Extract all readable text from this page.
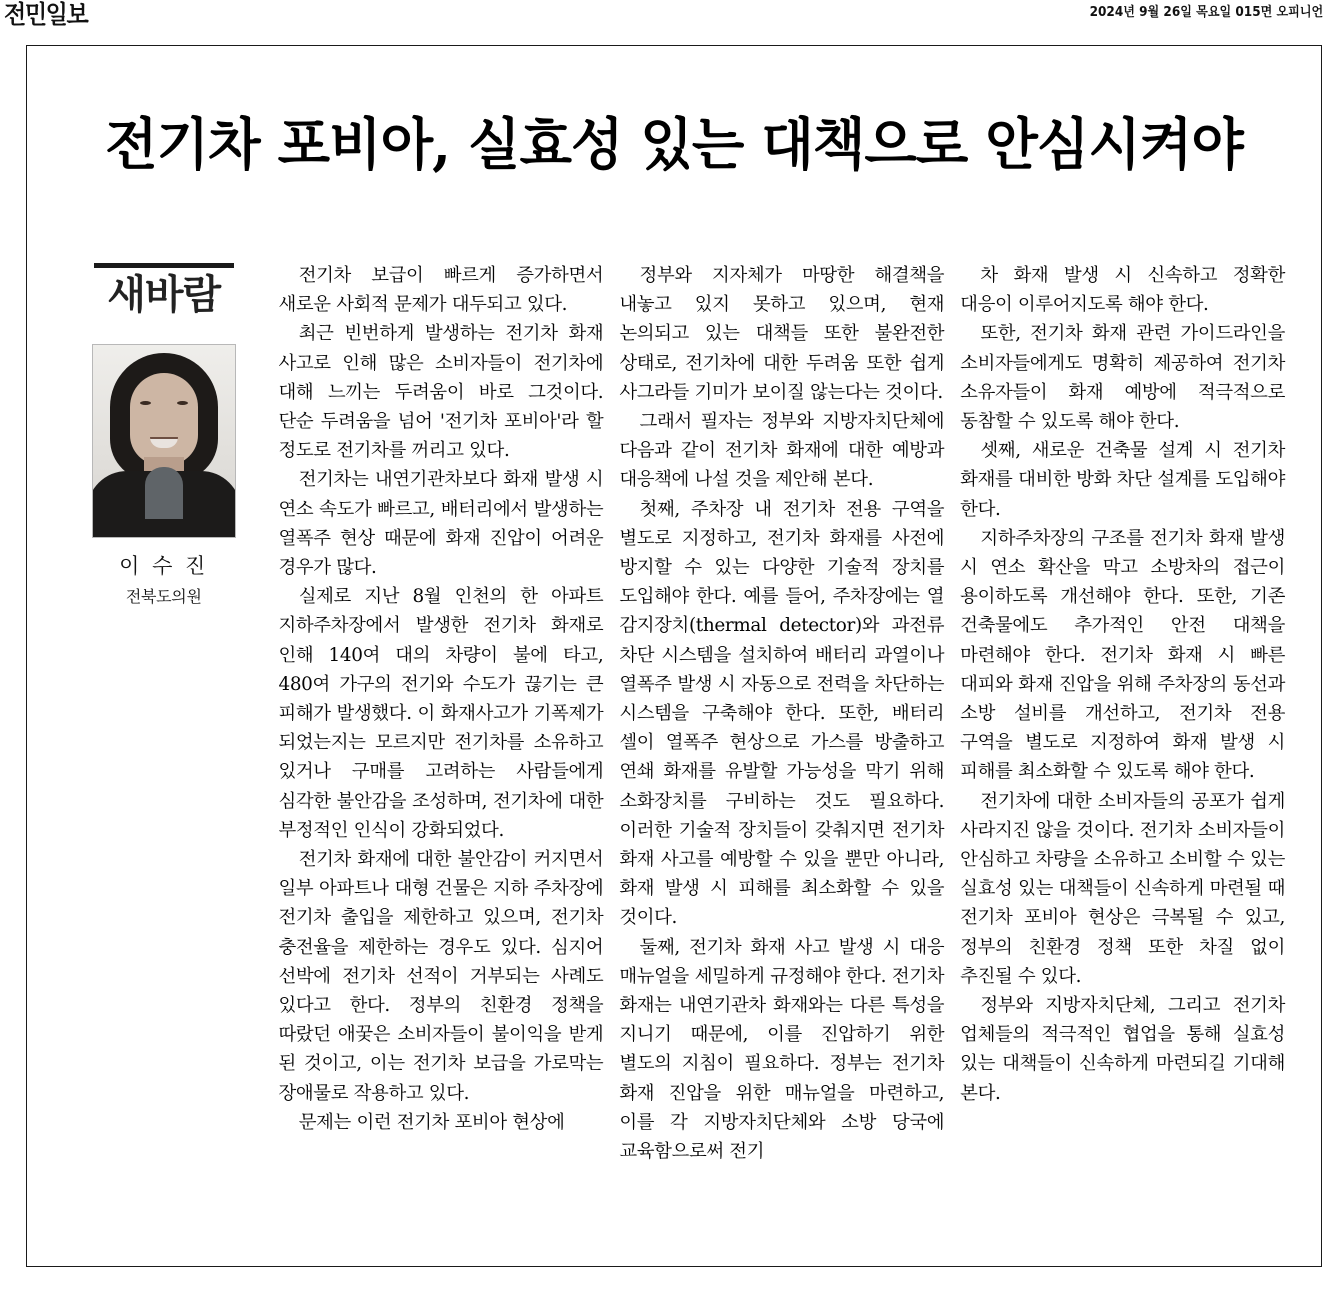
전민일보	2024년 9월 26일 목요일 015면 오피니언
전기차 포비아, 실효성 있는 대책으로 안심시켜야
새바람
이 수 진
전북도의원

전기차 보급이 빠르게 증가하면서 새로운 사회적 문제가 대두되고 있다.

최근 빈번하게 발생하는 전기차 화재 사고로 인해 많은 소비자들이 전기차에 대해 느끼는 두려움이 바로 그것이다. 단순 두려움을 넘어 '전기차 포비아'라 할 정도로 전기차를 꺼리고 있다.

전기차는 내연기관차보다 화재 발생 시 연소 속도가 빠르고, 배터리에서 발생하는 열폭주 현상 때문에 화재 진압이 어려운 경우가 많다.

실제로 지난 8월 인천의 한 아파트 지하주차장에서 발생한 전기차 화재로 인해 140여 대의 차량이 불에 타고, 480여 가구의 전기와 수도가 끊기는 큰 피해가 발생했다. 이 화재사고가 기폭제가 되었는지는 모르지만 전기차를 소유하고 있거나 구매를 고려하는 사람들에게 심각한 불안감을 조성하며, 전기차에 대한 부정적인 인식이 강화되었다.

전기차 화재에 대한 불안감이 커지면서 일부 아파트나 대형 건물은 지하 주차장에 전기차 출입을 제한하고 있으며, 전기차 충전율을 제한하는 경우도 있다. 심지어 선박에 전기차 선적이 거부되는 사례도 있다고 한다. 정부의 친환경 정책을 따랐던 애꿎은 소비자들이 불이익을 받게 된 것이고, 이는 전기차 보급을 가로막는 장애물로 작용하고 있다.

문제는 이런 전기차 포비아 현상에

정부와 지자체가 마땅한 해결책을 내놓고 있지 못하고 있으며, 현재 논의되고 있는 대책들 또한 불완전한 상태로, 전기차에 대한 두려움 또한 쉽게 사그라들 기미가 보이질 않는다는 것이다.

그래서 필자는 정부와 지방자치단체에 다음과 같이 전기차 화재에 대한 예방과 대응책에 나설 것을 제안해 본다.

첫째, 주차장 내 전기차 전용 구역을 별도로 지정하고, 전기차 화재를 사전에 방지할 수 있는 다양한 기술적 장치를 도입해야 한다. 예를 들어, 주차장에는 열 감지장치(thermal detector)와 과전류 차단 시스템을 설치하여 배터리 과열이나 열폭주 발생 시 자동으로 전력을 차단하는 시스템을 구축해야 한다. 또한, 배터리 셀이 열폭주 현상으로 가스를 방출하고 연쇄 화재를 유발할 가능성을 막기 위해 소화장치를 구비하는 것도 필요하다. 이러한 기술적 장치들이 갖춰지면 전기차 화재 사고를 예방할 수 있을 뿐만 아니라, 화재 발생 시 피해를 최소화할 수 있을 것이다.

둘째, 전기차 화재 사고 발생 시 대응 매뉴얼을 세밀하게 규정해야 한다. 전기차 화재는 내연기관차 화재와는 다른 특성을 지니기 때문에, 이를 진압하기 위한 별도의 지침이 필요하다. 정부는 전기차 화재 진압을 위한 매뉴얼을 마련하고, 이를 각 지방자치단체와 소방 당국에 교육함으로써 전기

차 화재 발생 시 신속하고 정확한 대응이 이루어지도록 해야 한다.

또한, 전기차 화재 관련 가이드라인을 소비자들에게도 명확히 제공하여 전기차 소유자들이 화재 예방에 적극적으로 동참할 수 있도록 해야 한다.

셋째, 새로운 건축물 설계 시 전기차 화재를 대비한 방화 차단 설계를 도입해야 한다.

지하주차장의 구조를 전기차 화재 발생 시 연소 확산을 막고 소방차의 접근이 용이하도록 개선해야 한다. 또한, 기존 건축물에도 추가적인 안전 대책을 마련해야 한다. 전기차 화재 시 빠른 대피와 화재 진압을 위해 주차장의 동선과 소방 설비를 개선하고, 전기차 전용 구역을 별도로 지정하여 화재 발생 시 피해를 최소화할 수 있도록 해야 한다.

전기차에 대한 소비자들의 공포가 쉽게 사라지진 않을 것이다. 전기차 소비자들이 안심하고 차량을 소유하고 소비할 수 있는 실효성 있는 대책들이 신속하게 마련될 때 전기차 포비아 현상은 극복될 수 있고, 정부의 친환경 정책 또한 차질 없이 추진될 수 있다.

정부와 지방자치단체, 그리고 전기차 업체들의 적극적인 협업을 통해 실효성 있는 대책들이 신속하게 마련되길 기대해 본다.
